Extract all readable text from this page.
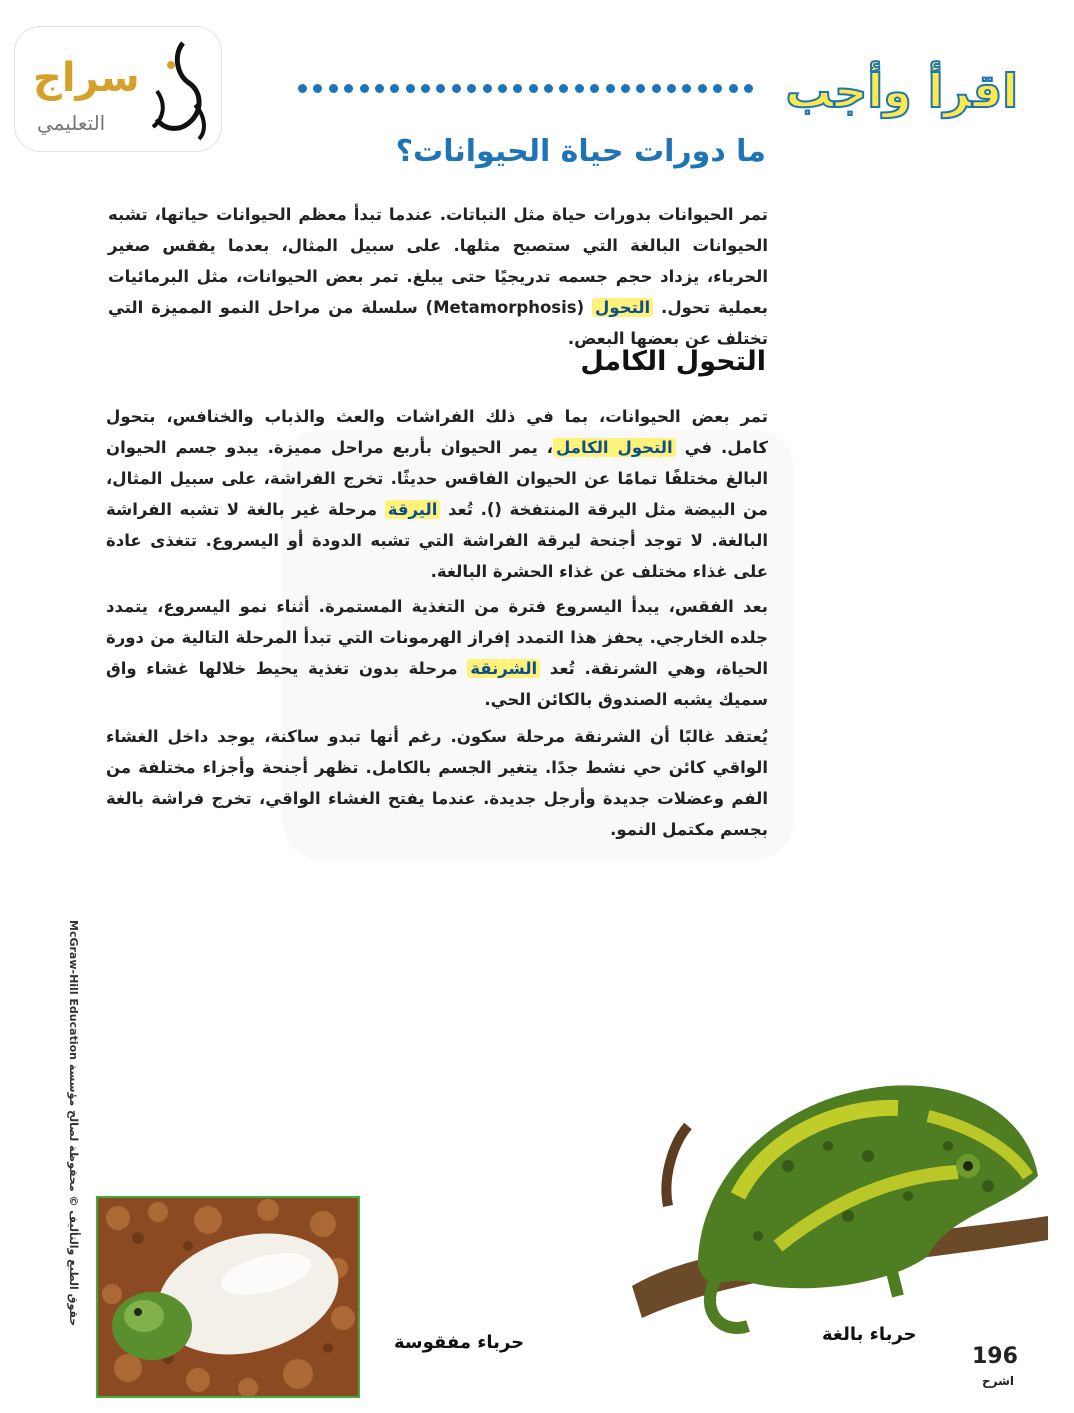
سراج
التعليمي
اقرأ وأجب
ما دورات حياة الحيوانات؟

تمر الحيوانات بدورات حياة مثل النباتات. عندما تبدأ معظم الحيوانات حياتها، تشبه الحيوانات البالغة التي ستصبح مثلها. على سبيل المثال، بعدما يفقس صغير الحرباء، يزداد حجم جسمه تدريجيًا حتى يبلغ. تمر بعض الحيوانات، مثل البرمائيات بعملية تحول. التحول (Metamorphosis) سلسلة من مراحل النمو المميزة التي تختلف عن بعضها البعض.

التحول الكامل

تمر بعض الحيوانات، بما في ذلك الفراشات والعث والذباب والخنافس، بتحول كامل. في التحول الكامل، يمر الحيوان بأربع مراحل مميزة. يبدو جسم الحيوان البالغ مختلفًا تمامًا عن الحيوان الفاقس حديثًا. تخرج الفراشة، على سبيل المثال، من البيضة مثل اليرقة المنتفخة (). تُعد اليرقة مرحلة غير بالغة لا تشبه الفراشة البالغة. لا توجد أجنحة ليرقة الفراشة التي تشبه الدودة أو اليسروع. تتغذى عادة على غذاء مختلف عن غذاء الحشرة البالغة.

بعد الفقس، يبدأ اليسروع فترة من التغذية المستمرة. أثناء نمو اليسروع، يتمدد جلده الخارجي. يحفز هذا التمدد إفراز الهرمونات التي تبدأ المرحلة التالية من دورة الحياة، وهي الشرنقة. تُعد الشرنقة مرحلة بدون تغذية يحيط خلالها غشاء واق سميك يشبه الصندوق بالكائن الحي.

يُعتقد غالبًا أن الشرنقة مرحلة سكون. رغم أنها تبدو ساكنة، يوجد داخل الغشاء الواقي كائن حي نشط جدًا. يتغير الجسم بالكامل. تظهر أجنحة وأجزاء مختلفة من الفم وعضلات جديدة وأرجل جديدة. عندما يفتح الغشاء الواقي، تخرج فراشة بالغة بجسم مكتمل النمو.

حقوق الطبع والتأليف © محفوظة لصالح مؤسسة McGraw-Hill Education
حرباء مفقوسة	حرباء بالغة
196
اشرح
